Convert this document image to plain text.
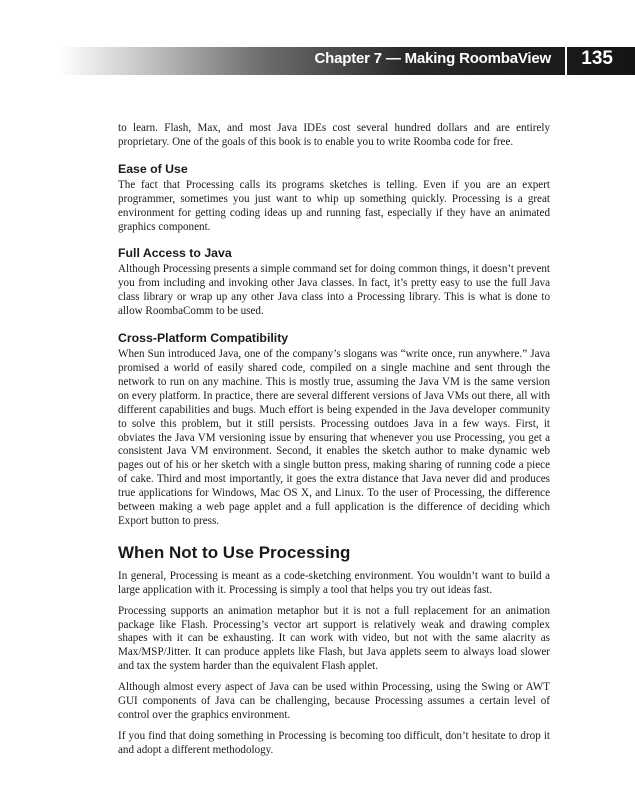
Chapter 7 — Making RoombaView 135

to learn. Flash, Max, and most Java IDEs cost several hundred dollars and are entirely proprietary. One of the goals of this book is to enable you to write Roomba code for free.

Ease of Use

The fact that Processing calls its programs sketches is telling. Even if you are an expert programmer, sometimes you just want to whip up something quickly. Processing is a great environment for getting coding ideas up and running fast, especially if they have an animated graphics component.

Full Access to Java

Although Processing presents a simple command set for doing common things, it doesn’t prevent you from including and invoking other Java classes. In fact, it’s pretty easy to use the full Java class library or wrap up any other Java class into a Processing library. This is what is done to allow RoombaComm to be used.

Cross-Platform Compatibility

When Sun introduced Java, one of the company’s slogans was “write once, run anywhere.” Java promised a world of easily shared code, compiled on a single machine and sent through the network to run on any machine. This is mostly true, assuming the Java VM is the same version on every platform. In practice, there are several different versions of Java VMs out there, all with different capabilities and bugs. Much effort is being expended in the Java developer community to solve this problem, but it still persists. Processing outdoes Java in a few ways. First, it obviates the Java VM versioning issue by ensuring that whenever you use Processing, you get a consistent Java VM environment. Second, it enables the sketch author to make dynamic web pages out of his or her sketch with a single button press, making sharing of running code a piece of cake. Third and most importantly, it goes the extra distance that Java never did and produces true applications for Windows, Mac OS X, and Linux. To the user of Processing, the difference between making a web page applet and a full application is the difference of deciding which Export button to press.

When Not to Use Processing

In general, Processing is meant as a code-sketching environment. You wouldn’t want to build a large application with it. Processing is simply a tool that helps you try out ideas fast.

Processing supports an animation metaphor but it is not a full replacement for an animation package like Flash. Processing’s vector art support is relatively weak and drawing complex shapes with it can be exhausting. It can work with video, but not with the same alacrity as Max/MSP/Jitter. It can produce applets like Flash, but Java applets seem to always load slower and tax the system harder than the equivalent Flash applet.

Although almost every aspect of Java can be used within Processing, using the Swing or AWT GUI components of Java can be challenging, because Processing assumes a certain level of control over the graphics environment.

If you find that doing something in Processing is becoming too difficult, don’t hesitate to drop it and adopt a different methodology.
